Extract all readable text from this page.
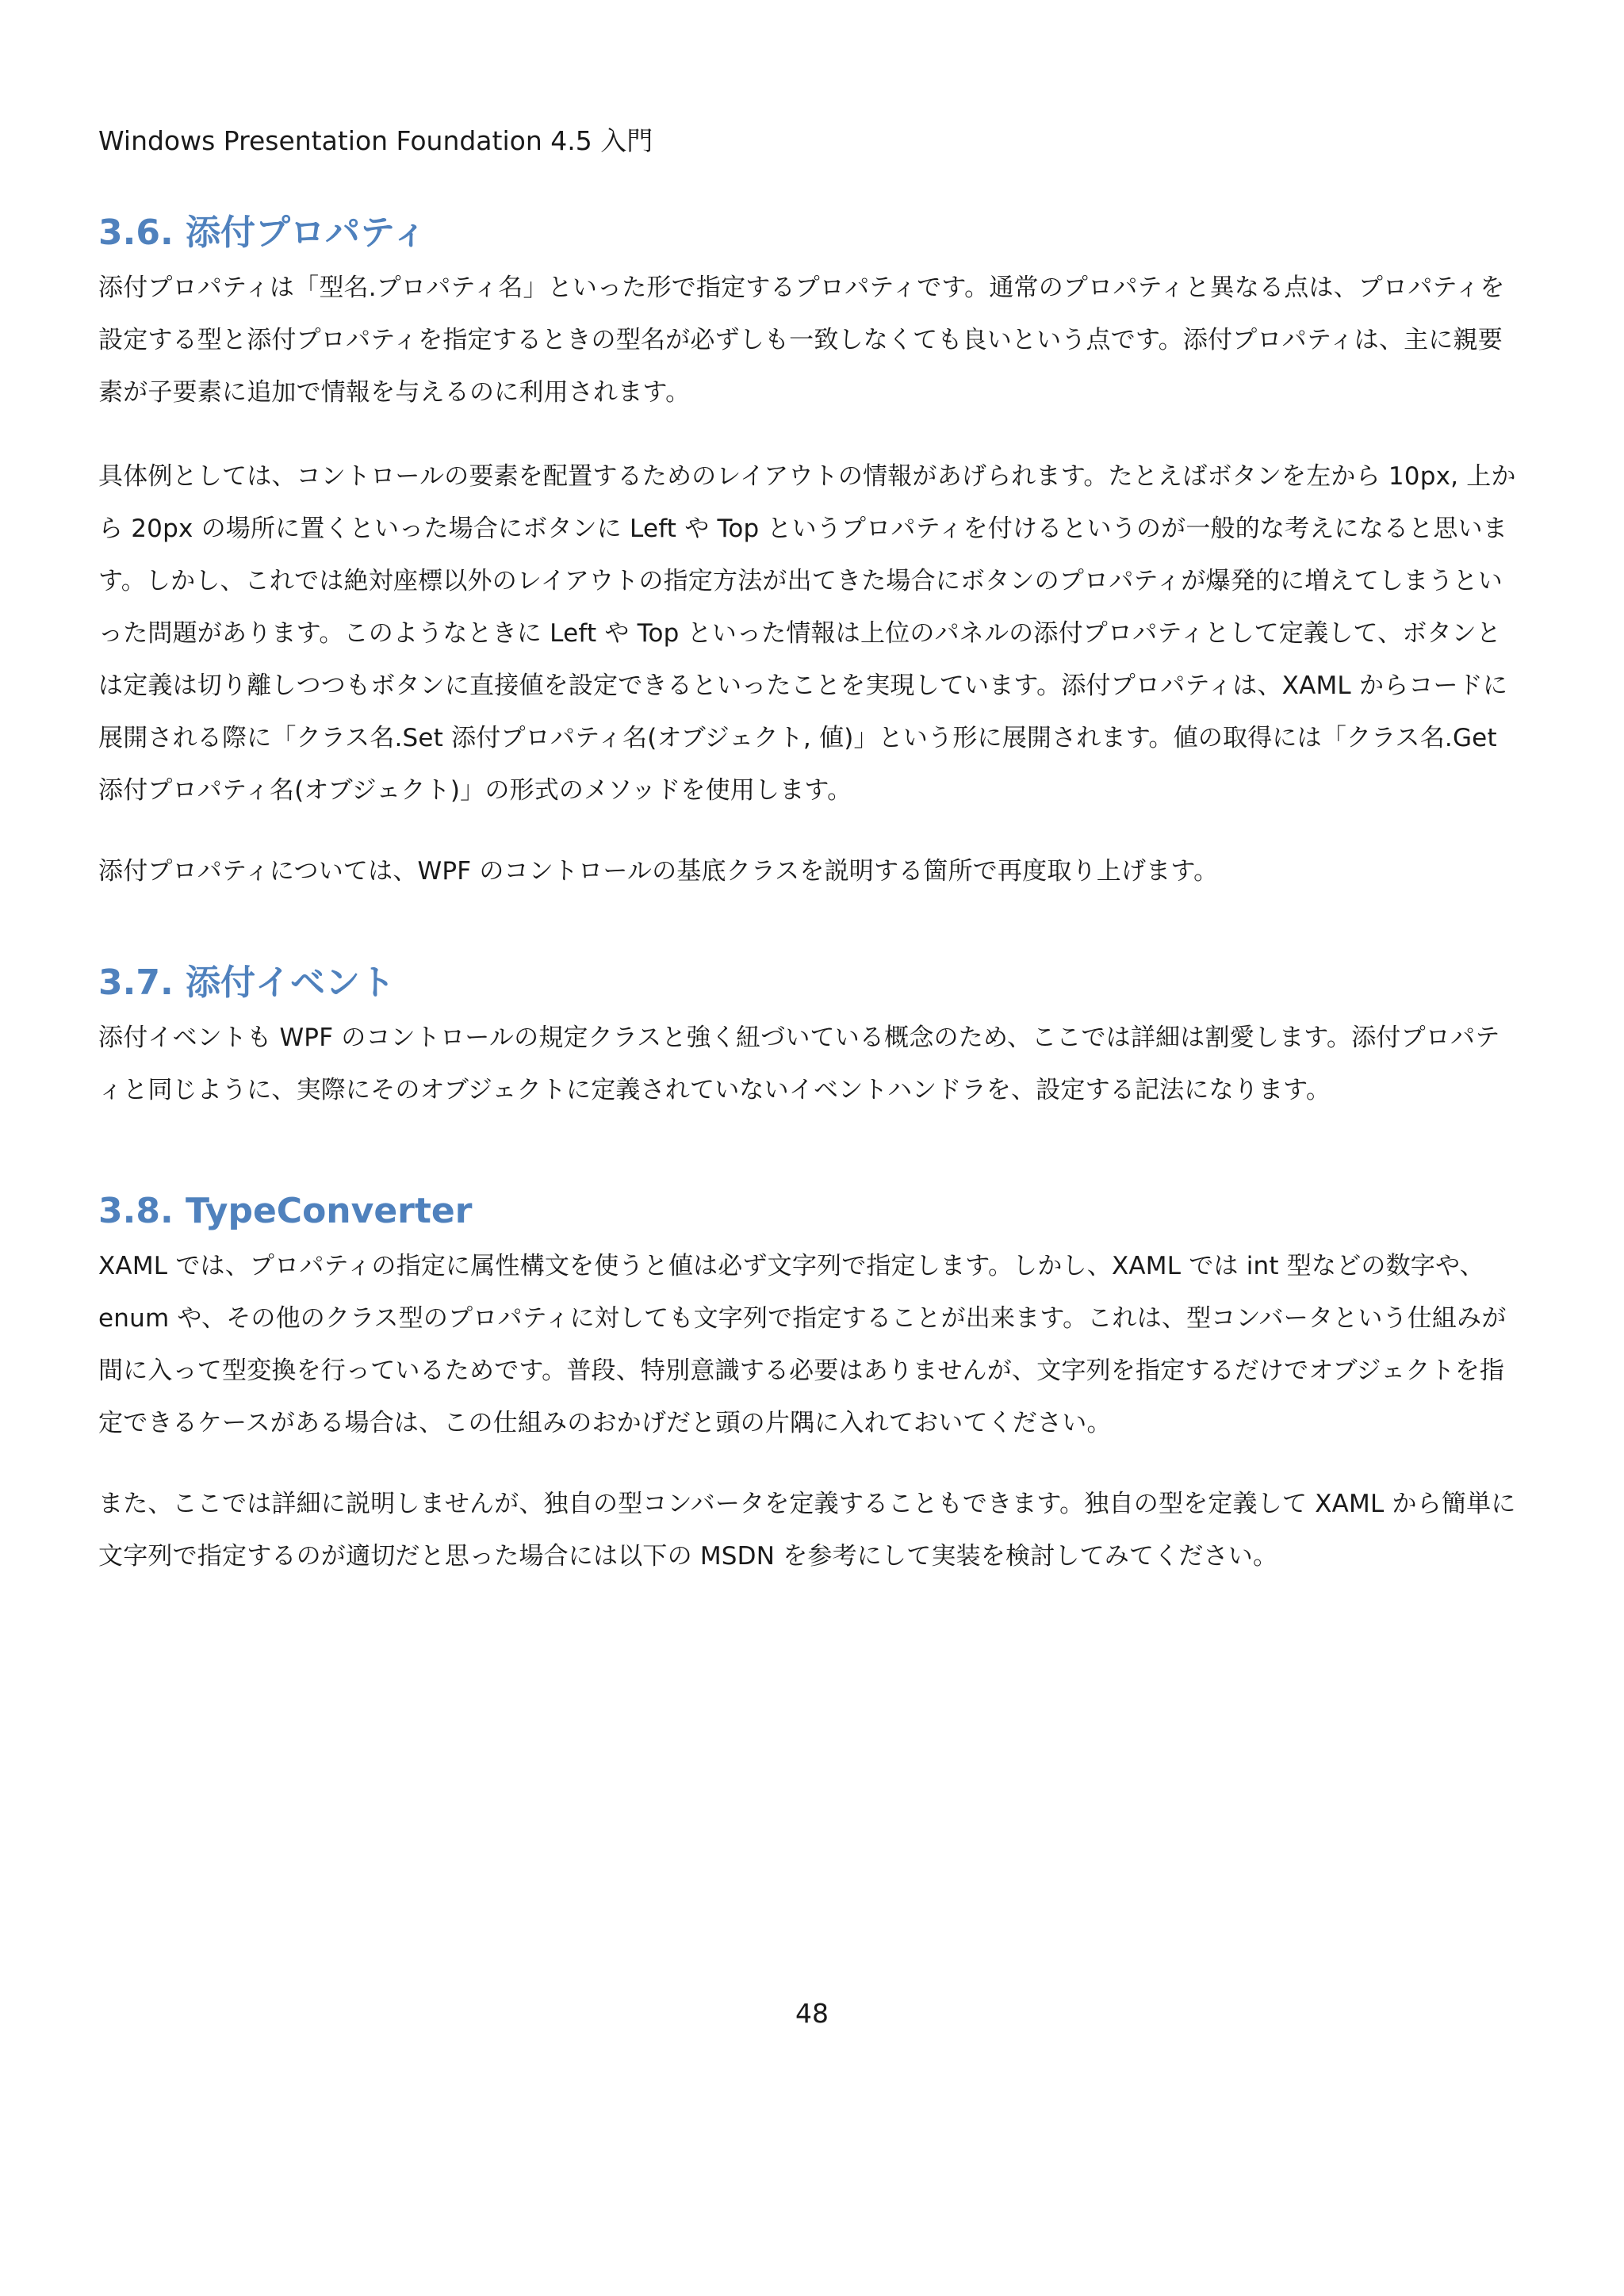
Windows Presentation Foundation 4.5 入門
3.6. 添付プロパティ

添付プロパティは「型名.プロパティ名」といった形で指定するプロパティです。通常のプロパティと異なる点は、プロパティを設定する型と添付プロパティを指定するときの型名が必ずしも一致しなくても良いという点です。添付プロパティは、主に親要素が子要素に追加で情報を与えるのに利用されます。

具体例としては、コントロールの要素を配置するためのレイアウトの情報があげられます。たとえばボタンを左から 10px, 上から 20px の場所に置くといった場合にボタンに Left や Top というプロパティを付けるというのが一般的な考えになると思います。しかし、これでは絶対座標以外のレイアウトの指定方法が出てきた場合にボタンのプロパティが爆発的に増えてしまうといった問題があります。このようなときに Left や Top といった情報は上位のパネルの添付プロパティとして定義して、ボタンとは定義は切り離しつつもボタンに直接値を設定できるといったことを実現しています。添付プロパティは、XAML からコードに展開される際に「クラス名.Set 添付プロパティ名(オブジェクト, 値)」という形に展開されます。値の取得には「クラス名.Get 添付プロパティ名(オブジェクト)」の形式のメソッドを使用します。

添付プロパティについては、WPF のコントロールの基底クラスを説明する箇所で再度取り上げます。

3.7. 添付イベント

添付イベントも WPF のコントロールの規定クラスと強く紐づいている概念のため、ここでは詳細は割愛します。添付プロパティと同じように、実際にそのオブジェクトに定義されていないイベントハンドラを、設定する記法になります。

3.8. TypeConverter

XAML では、プロパティの指定に属性構文を使うと値は必ず文字列で指定します。しかし、XAML では int 型などの数字や、enum や、その他のクラス型のプロパティに対しても文字列で指定することが出来ます。これは、型コンバータという仕組みが間に入って型変換を行っているためです。普段、特別意識する必要はありませんが、文字列を指定するだけでオブジェクトを指定できるケースがある場合は、この仕組みのおかげだと頭の片隅に入れておいてください。

また、ここでは詳細に説明しませんが、独自の型コンバータを定義することもできます。独自の型を定義して XAML から簡単に文字列で指定するのが適切だと思った場合には以下の MSDN を参考にして実装を検討してみてください。

48
